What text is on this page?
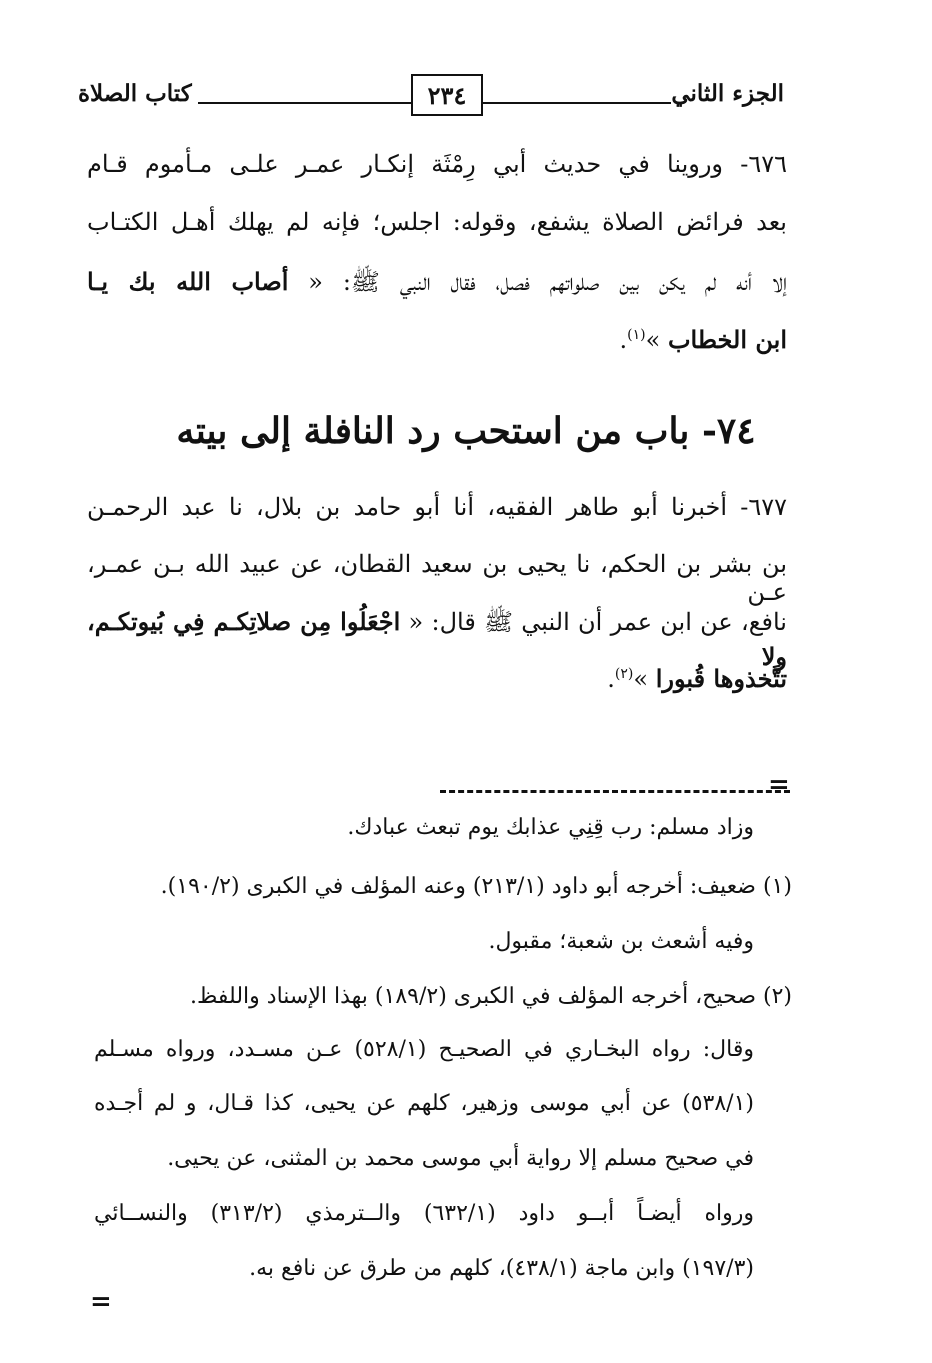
كتاب الصلاة	٢٣٤	الجزء الثاني
٦٧٦- وروينا في حديث أبي رِمْثَة إنكـار عمـر علـى مـأموم قـام
بعد فرائض الصلاة يشفع، وقوله: اجلس؛ فإنه لم يهلك أهـل الكتـاب
إلا أنه لم يكن بين صلواتهم فصل، فقال النبي ﷺ: « أصاب الله بك يـا
ابن الخطاب »$^{(١)}$.
٧٤- باب من استحب رد النافلة إلى بيته
٦٧٧- أخبرنا أبو طاهر الفقيه، أنا أبو حامد بن بلال، نا عبد الرحمـن
بن بشر بن الحكم، نا يحيى بن سعيد القطان، عن عبيد الله بـن عمـر، عـن
نافع، عن ابن عمر أن النبي ﷺ قال: « اجْعَلُوا مِن صلاتِكـم فِي بُيوتكـم، ولا
تتَّخذوها قُبورا »$^{(٢)}$.
=
وزاد مسلم: رب قِنِي عذابك يوم تبعث عبادك.
(١) ضعيف: أخرجه أبو داود (٢١٣/١) وعنه المؤلف في الكبرى (١٩٠/٢).
وفيه أشعث بن شعبة؛ مقبول.
(٢) صحيح، أخرجه المؤلف في الكبرى (١٨٩/٢) بهذا الإسناد واللفظ.
وقال: رواه البخـاري في الصحيـح (٥٢٨/١) عـن مسـدد، ورواه مسـلم
(٥٣٨/١) عن أبي موسى وزهير، كلهم عن يحيى، كذا قـال، و لم أجـده
في صحيح مسلم إلا رواية أبي موسى محمد بن المثنى، عن يحيى.
ورواه أيضـاً أبــو داود (٦٣٢/١) والــترمذي (٣١٣/٢) والنســائي
(١٩٧/٣) وابن ماجة (٤٣٨/١)، كلهم من طرق عن نافع به.
=
